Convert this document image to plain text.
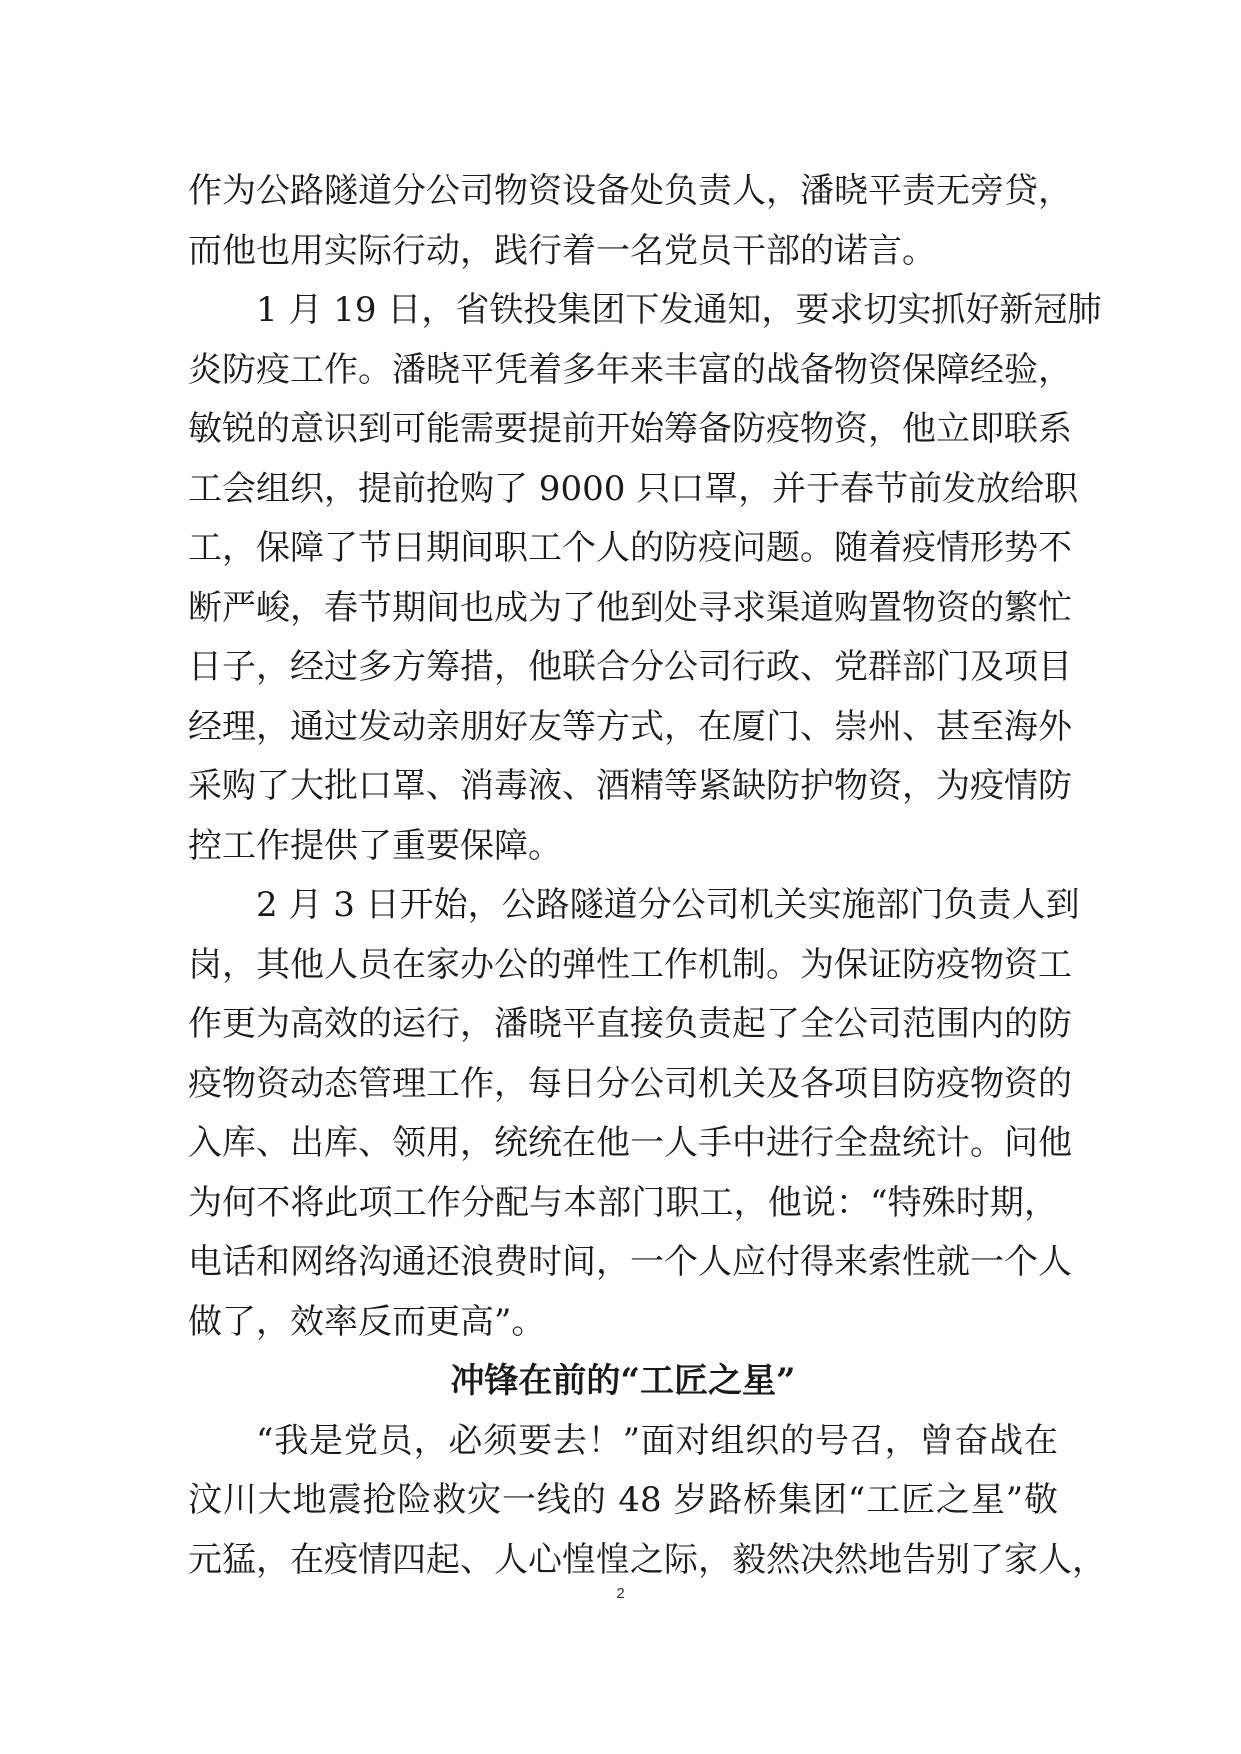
作为公路隧道分公司物资设备处负责人，潘晓平责无旁贷，
而他也用实际行动，践行着一名党员干部的诺言。
1 月 19 日，省铁投集团下发通知，要求切实抓好新冠肺
炎防疫工作。潘晓平凭着多年来丰富的战备物资保障经验，
敏锐的意识到可能需要提前开始筹备防疫物资，他立即联系
工会组织，提前抢购了 9000 只口罩，并于春节前发放给职
工，保障了节日期间职工个人的防疫问题。随着疫情形势不
断严峻，春节期间也成为了他到处寻求渠道购置物资的繁忙
日子，经过多方筹措，他联合分公司行政、党群部门及项目
经理，通过发动亲朋好友等方式，在厦门、崇州、甚至海外
采购了大批口罩、消毒液、酒精等紧缺防护物资，为疫情防
控工作提供了重要保障。
2 月 3 日开始，公路隧道分公司机关实施部门负责人到
岗，其他人员在家办公的弹性工作机制。为保证防疫物资工
作更为高效的运行，潘晓平直接负责起了全公司范围内的防
疫物资动态管理工作，每日分公司机关及各项目防疫物资的
入库、出库、领用，统统在他一人手中进行全盘统计。问他
为何不将此项工作分配与本部门职工，他说：“特殊时期，
电话和网络沟通还浪费时间，一个人应付得来索性就一个人
做了，效率反而更高”。
冲锋在前的“工匠之星”
“我是党员，必须要去！”面对组织的号召，曾奋战在
汶川大地震抢险救灾一线的 48 岁路桥集团“工匠之星”敬
元猛，在疫情四起、人心惶惶之际，毅然决然地告别了家人，
2
